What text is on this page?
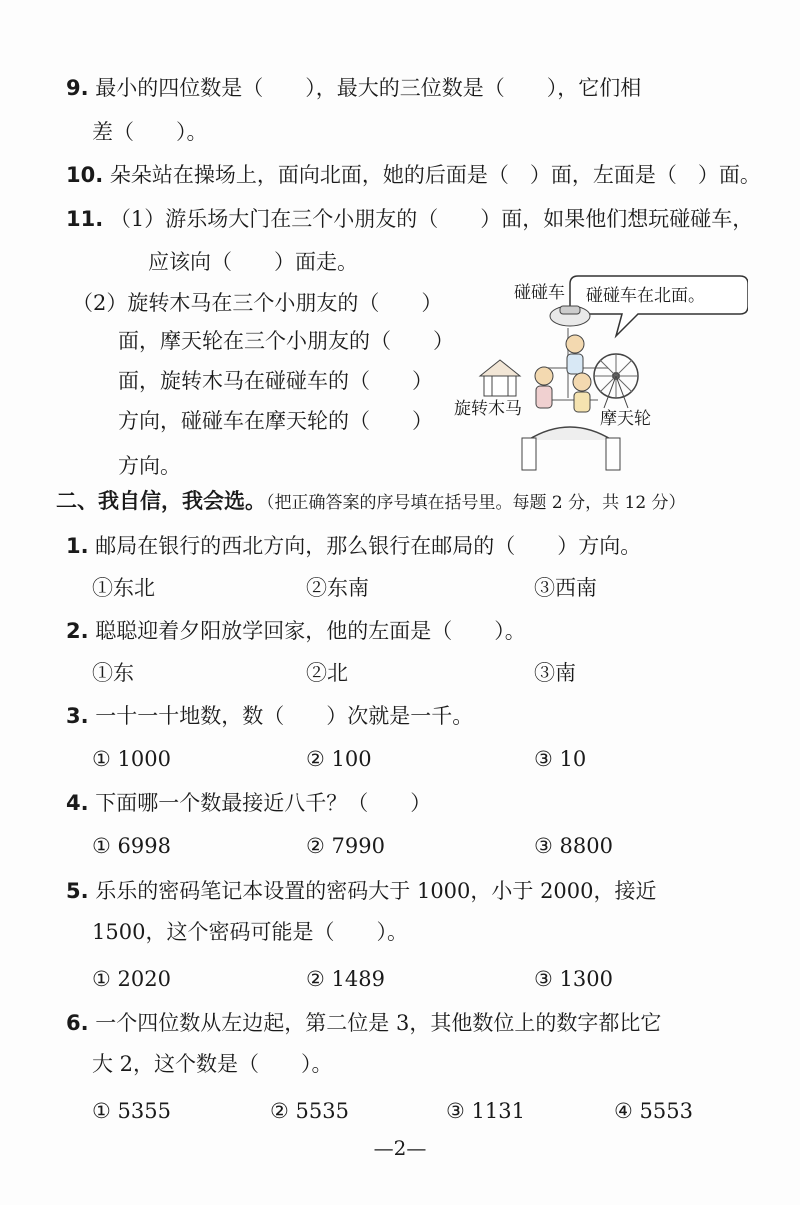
9. 最小的四位数是（　　），最大的三位数是（　　），它们相
差（　　）。
10. 朵朵站在操场上，面向北面，她的后面是（　）面，左面是（　）面。
11. （1）游乐场大门在三个小朋友的（　　）面，如果他们想玩碰碰车，
应该向（　　）面走。
（2）旋转木马在三个小朋友的（　　）
面，摩天轮在三个小朋友的（　　）
面，旋转木马在碰碰车的（　　）
方向，碰碰车在摩天轮的（　　）
方向。
碰碰车在北面。
碰碰车
旋转木马	摩天轮
二、我自信，我会选。（把正确答案的序号填在括号里。每题 2 分，共 12 分）
1. 邮局在银行的西北方向，那么银行在邮局的（　　）方向。
①东北	②东南	③西南
2. 聪聪迎着夕阳放学回家，他的左面是（　　）。
①东	②北	③南
3. 一十一十地数，数（　　）次就是一千。
① 1000	② 100	③ 10
4. 下面哪一个数最接近八千？（　　）
① 6998	② 7990	③ 8800
5. 乐乐的密码笔记本设置的密码大于 1000，小于 2000，接近
1500，这个密码可能是（　　）。
① 2020	② 1489	③ 1300
6. 一个四位数从左边起，第二位是 3，其他数位上的数字都比它
大 2，这个数是（　　）。
① 5355	② 5535	③ 1131	④ 5553
—2—
